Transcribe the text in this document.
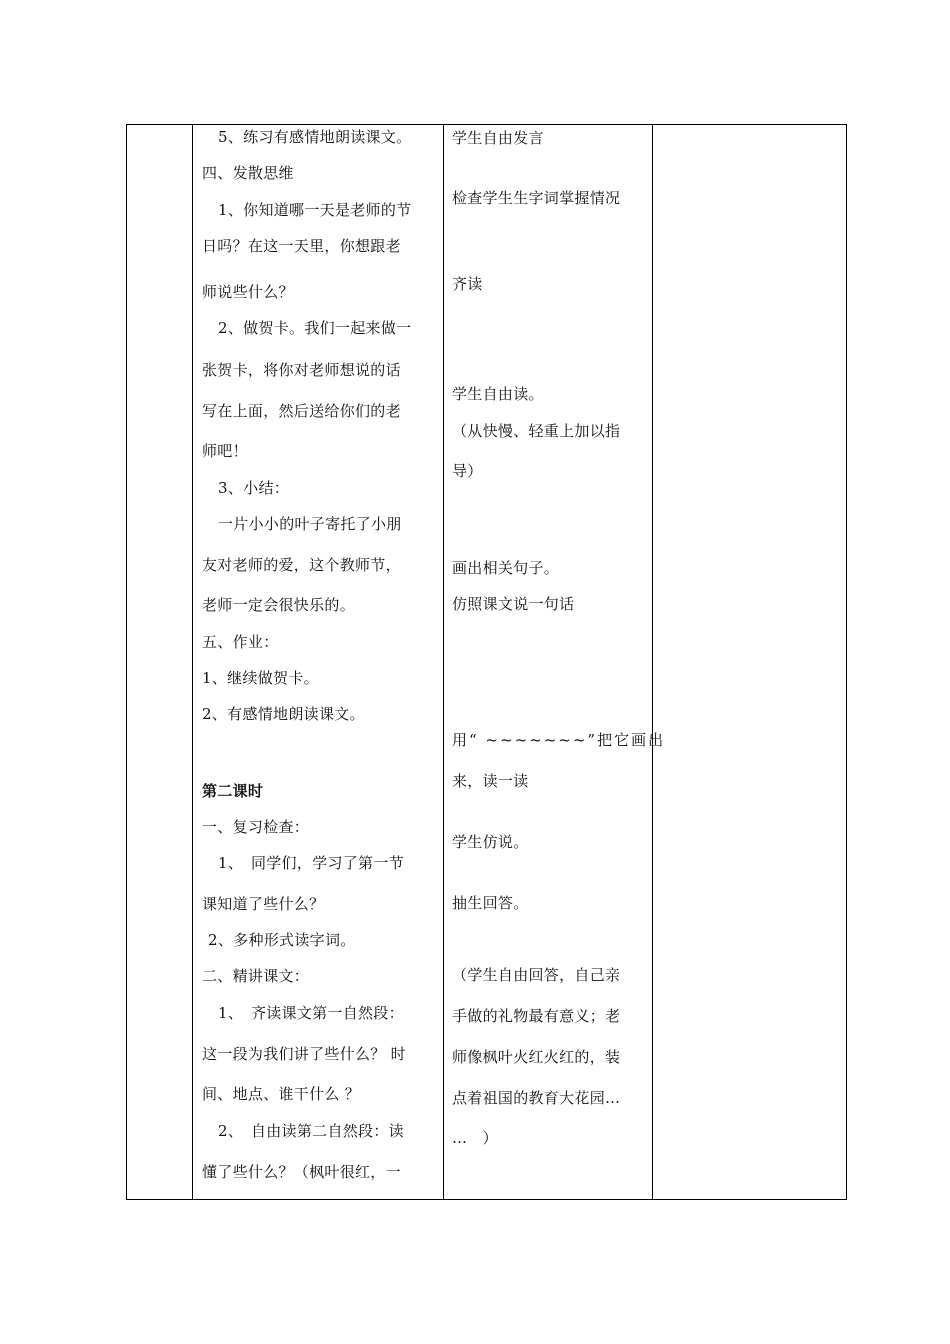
5、练习有感情地朗读课文。
四、发散思维
1、你知道哪一天是老师的节
日吗？在这一天里，你想跟老
师说些什么？
2、做贺卡。我们一起来做一
张贺卡，将你对老师想说的话
写在上面，然后送给你们的老
师吧！
3、小结：
一片小小的叶子寄托了小朋
友对老师的爱，这个教师节，
老师一定会很快乐的。
五、作业：
1、继续做贺卡。
2、有感情地朗读课文。
第二课时
一、复习检查：
1、　同学们，学习了第一节
课知道了些什么？
2、多种形式读字词。
二、精讲课文：
1、　齐读课文第一自然段：
这一段为我们讲了些什么？ 时
间、地点、谁干什么 ？
2、　自由读第二自然段：读
懂了些什么？（枫叶很红，一
学生自由发言
检查学生生字词掌握情况
齐读
学生自由读。
（从快慢、轻重上加以指
导）
画出相关句子。
仿照课文说一句话
用“ ~~~~~~~”把它画出
来，读一读
学生仿说。
抽生回答。
（学生自由回答，自己亲
手做的礼物最有意义；老
师像枫叶火红火红的，装
点着祖国的教育大花园…
…　）
